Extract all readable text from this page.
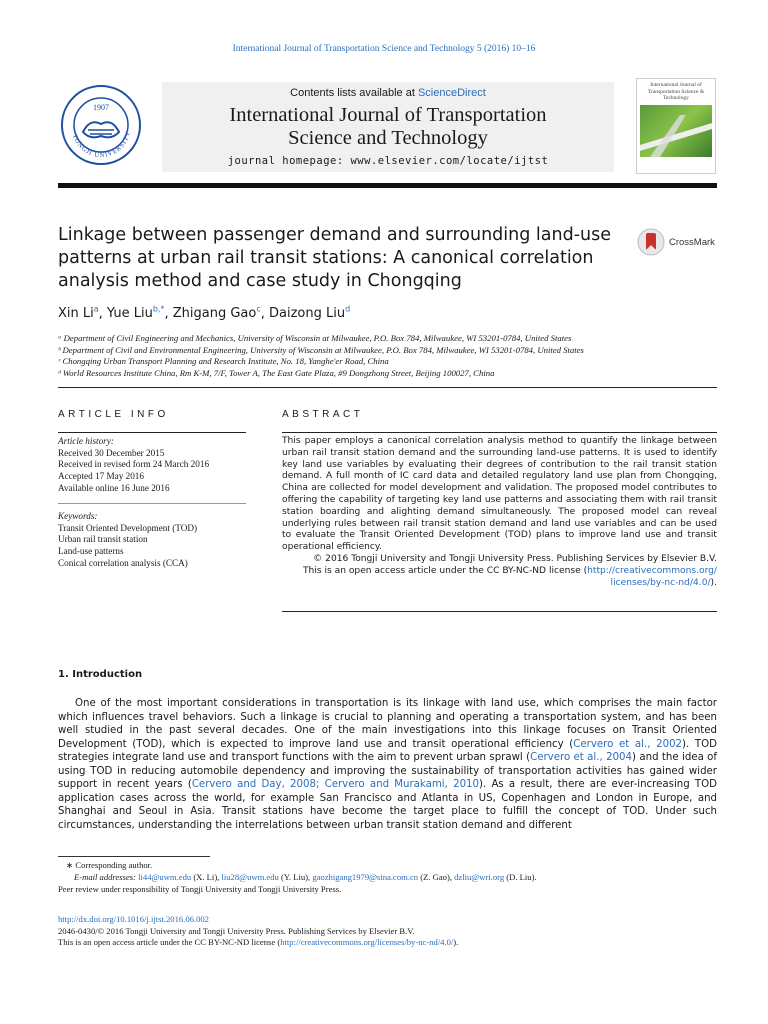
International Journal of Transportation Science and Technology 5 (2016) 10–16
1907
TONGJI UNIVERSITY
Contents lists available at ScienceDirect
International Journal of Transportation
Science and Technology
journal homepage: www.elsevier.com/locate/ijtst
International Journal of Transportation Science & Technology
Linkage between passenger demand and surrounding land-use patterns at urban rail transit stations: A canonical correlation analysis method and case study in Chongqing
CrossMark
Xin Li$^a$, Yue Liu$^{b,*}$, Zhigang Gao$^c$, Daizong Liu$^d$
ᵃ Department of Civil Engineering and Mechanics, University of Wisconsin at Milwaukee, P.O. Box 784, Milwaukee, WI 53201-0784, United States
ᵇ Department of Civil and Environmental Engineering, University of Wisconsin at Milwaukee, P.O. Box 784, Milwaukee, WI 53201-0784, United States
ᶜ Chongqing Urban Transport Planning and Research Institute, No. 18, Yanghe'er Road, China
ᵈ World Resources Institute China, Rm K-M, 7/F, Tower A, The East Gate Plaza, #9 Dongzhong Street, Beijing 100027, China
ARTICLE INFO
Article history:
Received 30 December 2015
Received in revised form 24 March 2016
Accepted 17 May 2016
Available online 16 June 2016
Keywords:
Transit Oriented Development (TOD)
Urban rail transit station
Land-use patterns
Conical correlation analysis (CCA)
ABSTRACT
This paper employs a canonical correlation analysis method to quantify the linkage between urban rail transit station demand and the surrounding land-use patterns. It is used to identify key land use variables by evaluating their degrees of contribution to the rail transit station demand. A full month of IC card data and detailed regulatory land use plan from Chongqing, China are collected for model development and validation. The proposed model contributes to offering the capability of targeting key land use patterns and associating them with rail transit station boarding and alighting demand simultaneously. The proposed model can reveal underlying rules between rail transit station demand and land use variables and can be used to evaluate the Transit Oriented Development (TOD) plans to improve land use and transit operational efficiency.
© 2016 Tongji University and Tongji University Press. Publishing Services by Elsevier B.V.
This is an open access article under the CC BY-NC-ND license (http://creativecommons.org/
licenses/by-nc-nd/4.0/).
1. Introduction

One of the most important considerations in transportation is its linkage with land use, which comprises the main factor which influences travel behaviors. Such a linkage is crucial to planning and operating a transportation system, and has been well studied in the past several decades. One of the main investigations into this linkage focuses on Transit Oriented Development (TOD), which is expected to improve land use and transit operational efficiency (Cervero et al., 2002). TOD strategies integrate land use and transport functions with the aim to prevent urban sprawl (Cervero et al., 2004) and the idea of using TOD in reducing automobile dependency and improving the sustainability of transportation activities has gained wider support in recent years (Cervero and Day, 2008; Cervero and Murakami, 2010). As a result, there are ever-increasing TOD application cases across the world, for example San Francisco and Atlanta in US, Copenhagen and London in Europe, and Shanghai and Seoul in Asia. Transit stations have become the target place to fulfill the concept of TOD. Under such circumstances, understanding the interrelations between urban transit station demand and different

∗ Corresponding author.
E-mail addresses: li44@uwm.edu (X. Li), liu28@uwm.edu (Y. Liu), gaozhigang1979@sina.com.cn (Z. Gao), dzliu@wri.org (D. Liu).
Peer review under responsibility of Tongji University and Tongji University Press.
http://dx.doi.org/10.1016/j.ijtst.2016.06.002
2046-0430/© 2016 Tongji University and Tongji University Press. Publishing Services by Elsevier B.V.
This is an open access article under the CC BY-NC-ND license (http://creativecommons.org/licenses/by-nc-nd/4.0/).
